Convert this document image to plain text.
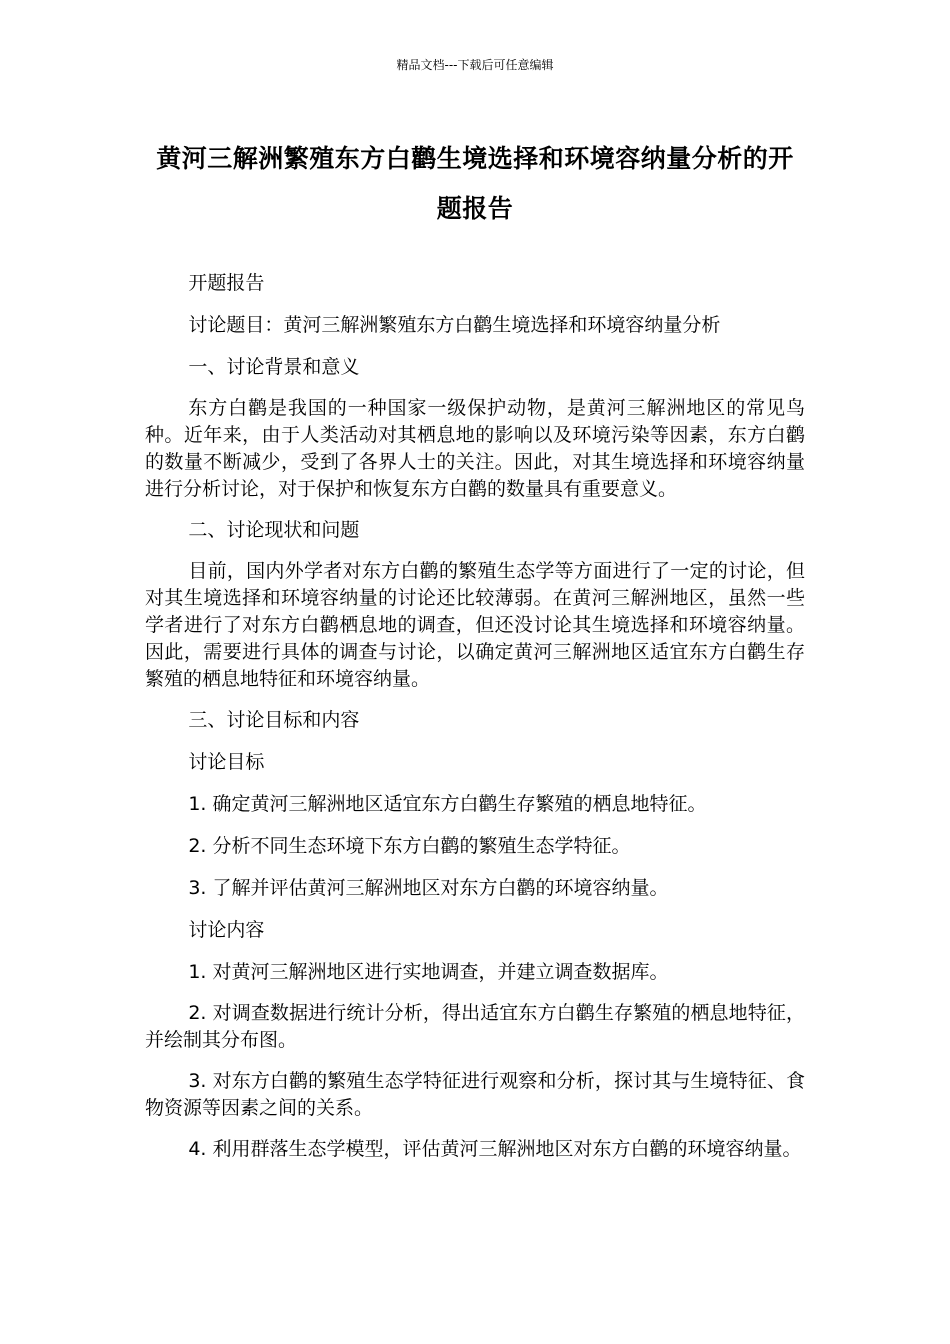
精品文档---下载后可任意编辑
黄河三解洲繁殖东方白鹳生境选择和环境容纳量分析的开题报告

开题报告

讨论题目：黄河三解洲繁殖东方白鹳生境选择和环境容纳量分析

一、讨论背景和意义

东方白鹳是我国的一种国家一级保护动物，是黄河三解洲地区的常见鸟种。近年来，由于人类活动对其栖息地的影响以及环境污染等因素，东方白鹳的数量不断减少，受到了各界人士的关注。因此，对其生境选择和环境容纳量进行分析讨论，对于保护和恢复东方白鹳的数量具有重要意义。

二、讨论现状和问题

目前，国内外学者对东方白鹳的繁殖生态学等方面进行了一定的讨论，但对其生境选择和环境容纳量的讨论还比较薄弱。在黄河三解洲地区，虽然一些学者进行了对东方白鹳栖息地的调查，但还没讨论其生境选择和环境容纳量。因此，需要进行具体的调查与讨论，以确定黄河三解洲地区适宜东方白鹳生存繁殖的栖息地特征和环境容纳量。

三、讨论目标和内容

讨论目标

1. 确定黄河三解洲地区适宜东方白鹳生存繁殖的栖息地特征。

2. 分析不同生态环境下东方白鹳的繁殖生态学特征。

3. 了解并评估黄河三解洲地区对东方白鹳的环境容纳量。

讨论内容

1. 对黄河三解洲地区进行实地调查，并建立调查数据库。

2. 对调查数据进行统计分析，得出适宜东方白鹳生存繁殖的栖息地特征，并绘制其分布图。

3. 对东方白鹳的繁殖生态学特征进行观察和分析，探讨其与生境特征、食物资源等因素之间的关系。

4. 利用群落生态学模型，评估黄河三解洲地区对东方白鹳的环境容纳量。
